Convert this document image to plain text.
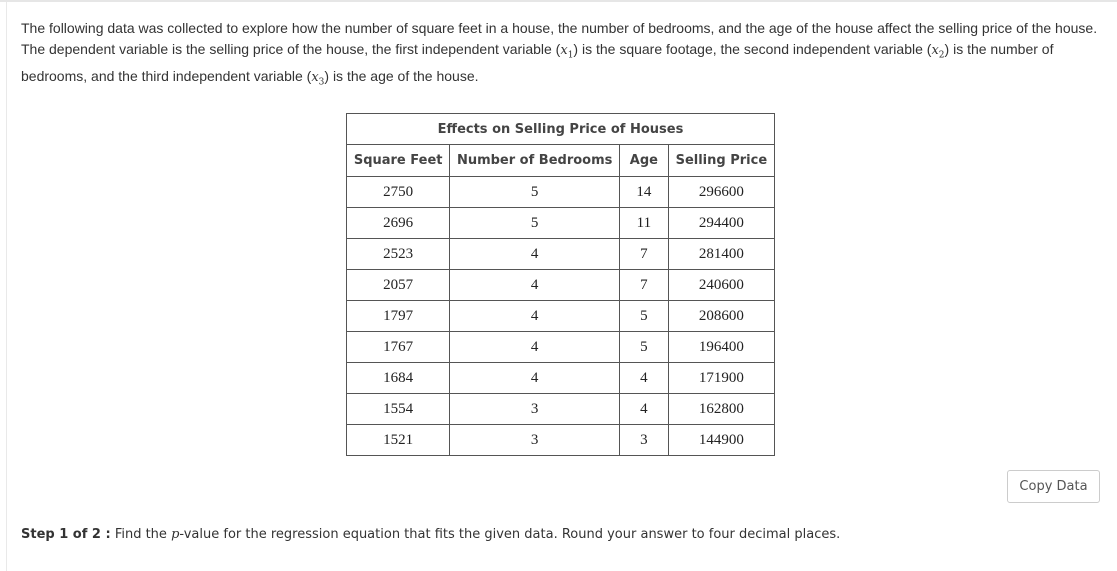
The following data was collected to explore how the number of square feet in a house, the number of bedrooms, and the age of the house affect the selling price of the house. The dependent variable is the selling price of the house, the first independent variable $(x_1)$ is the square footage, the second independent variable $(x_2)$ is the number of bedrooms, and the third independent variable $(x_3)$ is the age of the house.

Effects on Selling Price of Houses			
Square Feet	Number of Bedrooms	Age	Selling Price
2750	5	14	296600
2696	5	11	294400
2523	4	7	281400
2057	4	7	240600
1797	4	5	208600
1767	4	5	196400
1684	4	4	171900
1554	3	4	162800
1521	3	3	144900
Copy Data

Step 1 of 2 : Find the p-value for the regression equation that fits the given data. Round your answer to four decimal places.
